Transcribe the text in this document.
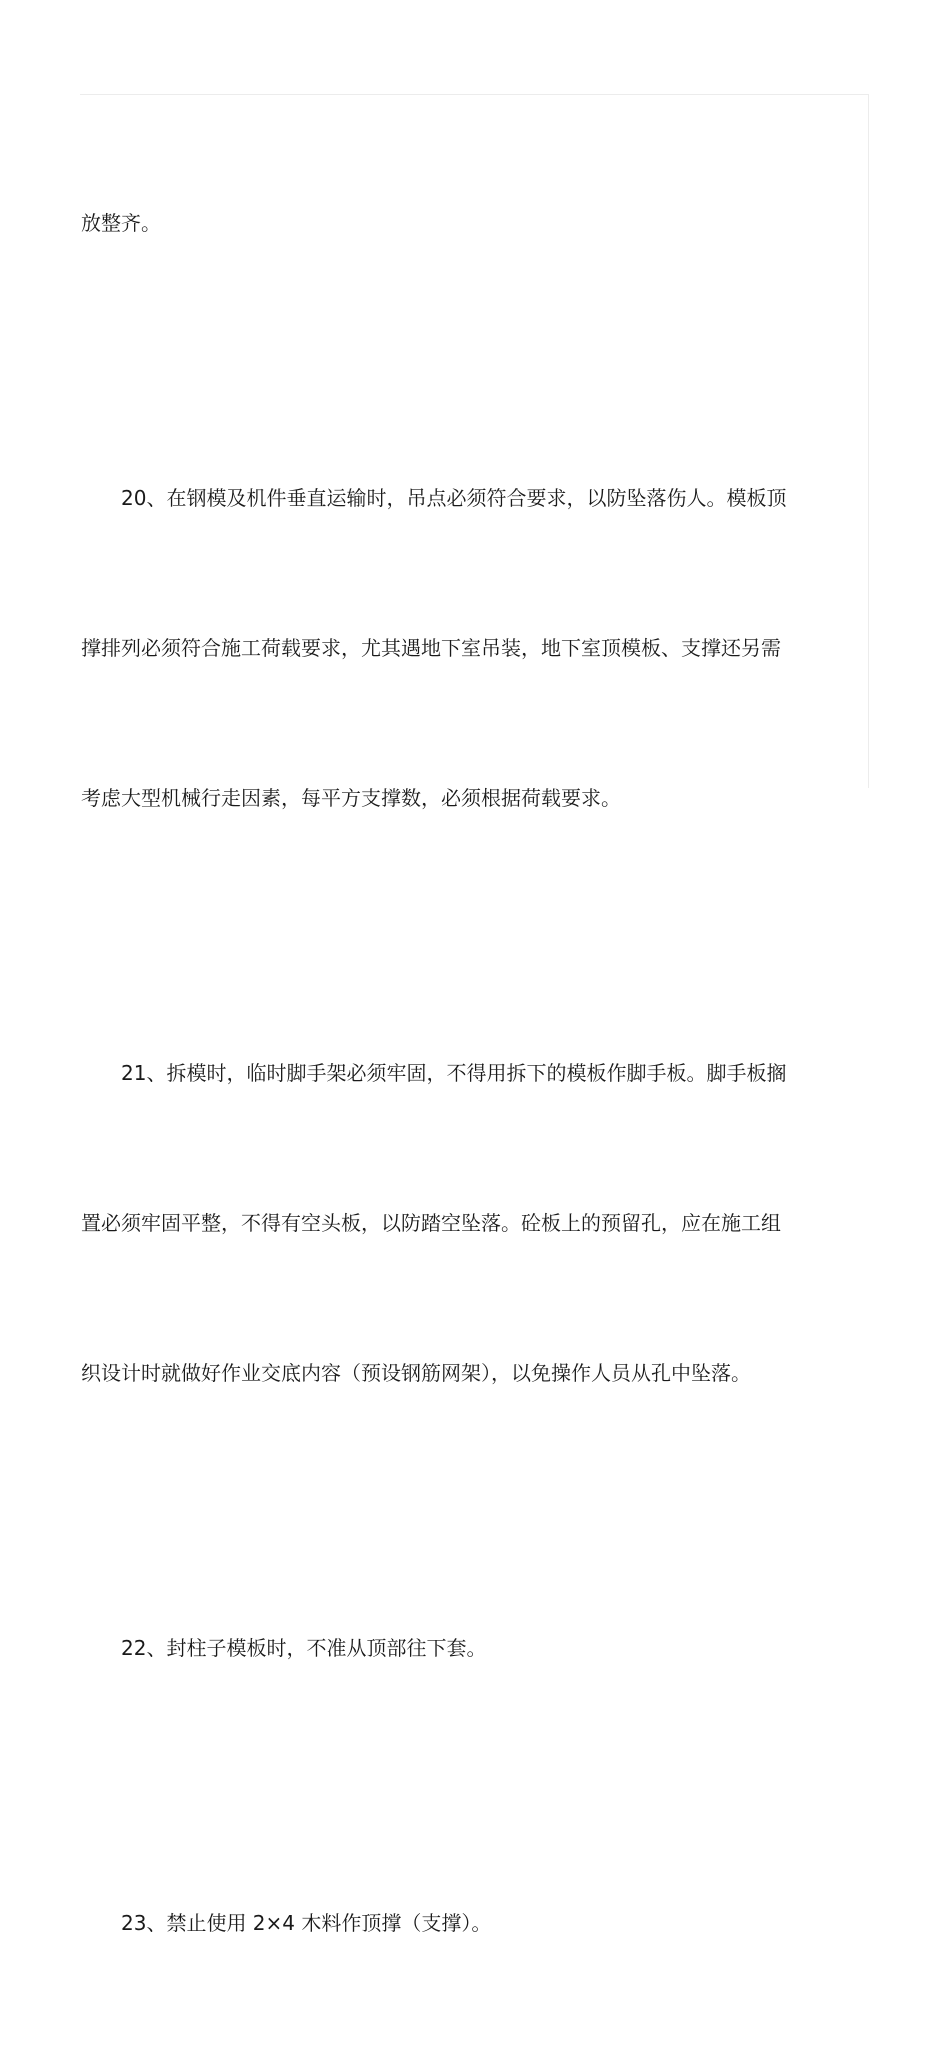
放整齐。

20、在钢模及机件垂直运输时，吊点必须符合要求，以防坠落伤人。模板顶

撑排列必须符合施工荷载要求，尤其遇地下室吊装，地下室顶模板、支撑还另需

考虑大型机械行走因素，每平方支撑数，必须根据荷载要求。

21、拆模时，临时脚手架必须牢固，不得用拆下的模板作脚手板。脚手板搁

置必须牢固平整，不得有空头板，以防踏空坠落。砼板上的预留孔，应在施工组

织设计时就做好作业交底内容（预设钢筋网架），以免操作人员从孔中坠落。

22、封柱子模板时，不准从顶部往下套。

23、禁止使用 2×4 木料作顶撑（支撑）。
